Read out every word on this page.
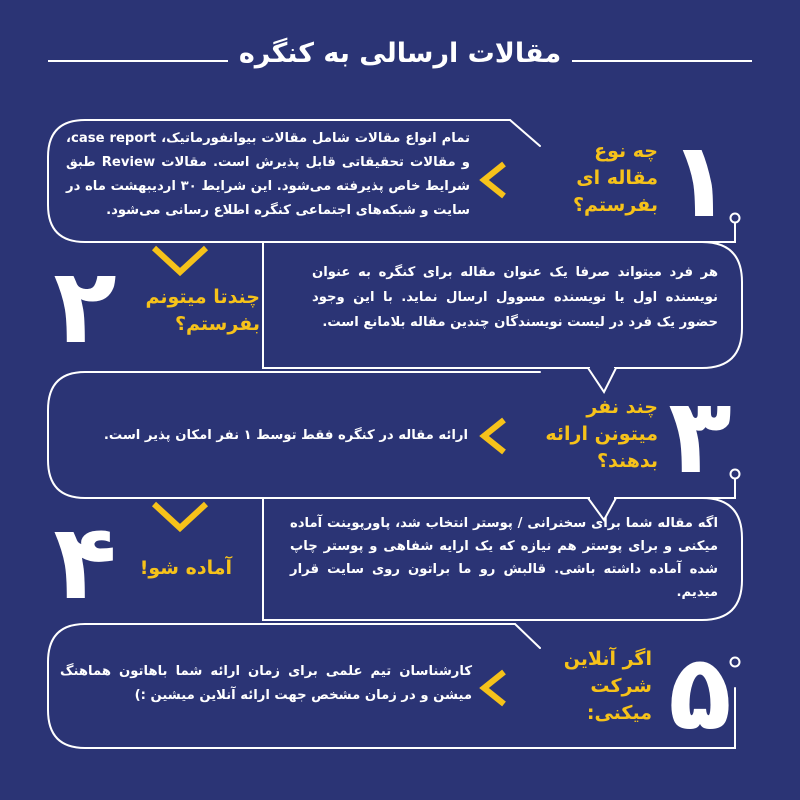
مقالات ارسالی به کنگره
۱
چه نوع مقاله ای بفرستم؟
تمام انواع مقالات شامل مقالات بیوانفورماتیک، case report، و مقالات تحقیقاتی قابل پذیرش است. مقالات Review طبق شرایط خاص پذیرفته می‌شود. این شرایط ۳۰ اردیبهشت ماه در سایت و شبکه‌های اجتماعی کنگره اطلاع رسانی می‌شود.
۲	چندتا میتونم بفرستم؟
هر فرد میتواند صرفا یک عنوان مقاله برای کنگره به عنوان نویسنده اول یا نویسنده مسوول ارسال نماید. با این وجود حضور یک فرد در لیست نویسندگان چندین مقاله بلامانع است.
۳
چند نفر میتونن ارائه بدهند؟
ارائه مقاله در کنگره فقط توسط ۱ نفر امکان پذیر است.
۴	آماده شو!
اگه مقاله شما برای سخنرانی / پوستر انتخاب شد، پاورپوینت آماده میکنی و برای پوستر هم نیازه که یک ارایه شفاهی و پوستر چاپ شده آماده داشته باشی. قالبش رو ما براتون روی سایت قرار میدیم.
۵
اگر آنلاین شرکت میکنی:
کارشناسان تیم علمی برای زمان ارائه شما باهاتون هماهنگ میشن و در زمان مشخص جهت ارائه آنلاین میشین :)
